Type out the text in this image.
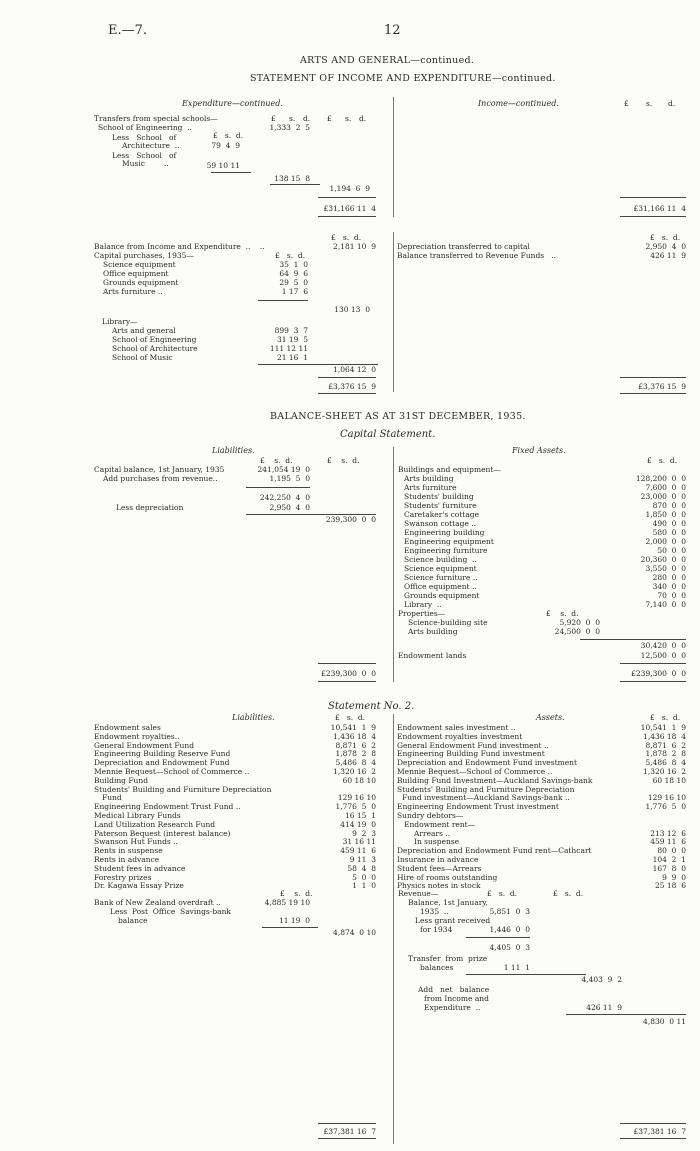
E.—7.	12
ARTS AND GENERAL—continued.
STATEMENT OF INCOME AND EXPENDITURE—continued.
Expenditure—continued.	Income—continued.	£ s. d.
Transfers from special schools—	£ s. d. £ s. d.
School of Engineering  ..	1,333  2  5
£   s.  d.
Less   School   of
Architecture  ..	79  4  9
Less   School   of
Music        ..	59 10 11
138 15  8
1,194  6  9
£31,166 11  4	£31,166 11  4
£   s.  d.	£   s.  d.
Balance from Income and Expenditure  ..    ..	2,181 10  9
Capital purchases, 1935—
Depreciation transferred to capital	2,950  4  0
Balance transferred to Revenue Funds   ..	426 11  9
£   s.  d.
Science equipment	35  1  0
Office equipment	64  9  6
Grounds equipment	29  5  0
Arts furniture ..	1 17  6
130 13  0
Library—
Arts and general	899  3  7
School of Engineering	31 19  5
School of Architecture	111 12 11
School of Music	21 16  1
1,064 12  0
£3,376 15  9	£3,376 15  9
BALANCE-SHEET AS AT 31ST DECEMBER, 1935.
Capital Statement.
Liabilities.	Fixed Assets.
£    s.  d.	£    s.  d.	£   s.  d.
Capital balance, 1st January, 1935	241,054 19  0
Add purchases from revenue..	1,195  5  0
242,250  4  0
Less depreciation	2,950  4  0
239,300  0  0
Buildings and equipment—
Arts building	128,200  0  0
Arts furniture	7,600  0  0
Students' building	23,000  0  0
Students' furniture	870  0  0
Caretaker's cottage	1,850  0  0
Swanson cottage ..	490  0  0
Engineering building	580  0  0
Engineering equipment	2,000  0  0
Engineering furniture	50  0  0
Science building  ..	20,360  0  0
Science equipment	3,550  0  0
Science furniture ..	280  0  0
Office equipment ..	340  0  0
Grounds equipment	70  0  0
Library  ..	7,140  0  0
Properties—	£    s.  d.
Science-building site	5,920  0  0
Arts building	24,500  0  0
30,420  0  0
Endowment lands	12,500  0  0
£239,300  0  0	£239,300  0  0
Statement No. 2.
Liabilities.	Assets.
£   s.  d.	£   s.  d.
Endowment sales	10,541  1  9
Endowment royalties..	1,436 18  4
General Endowment Fund	8,871  6  2
Engineering Building Reserve Fund	1,878  2  8
Depreciation and Endowment Fund	5,486  8  4
Mennie Bequest—School of Commerce ..	1,320 16  2
Building Fund	60 18 10
Students' Building and Furniture Depreciation
Fund	129 16 10
Engineering Endowment Trust Fund ..	1,776  5  0
Medical Library Funds	16 15  1
Land Utilization Research Fund	414 19  0
Paterson Bequest (interest balance)	9  2  3
Swanson Hut Funds ..	31 16 11
Rents in suspense	459 11  6
Rents in advance	9 11  3
Student fees in advance	58  4  8
Forestry prizes	5  0  0
Dr. Kagawa Essay Prize	1  1  0
Endowment sales investment ..	10,541  1  9
Endowment royalties investment	1,436 18  4
General Endowment Fund investment ..	8,871  6  2
Engineering Building Fund investment	1,878  2  8
Depreciation and Endowment Fund investment	5,486  8  4
Mennie Bequest—School of Commerce ..	1,320 16  2
Building Fund Investment—Auckland Savings-bank	60 18 10
Students' Building and Furniture Depreciation
Fund investment—Auckland Savings-bank ..	129 16 10
Engineering Endowment Trust investment	1,776  5  0
Sundry debtors—
Endowment rent—
Arrears ..	213 12  6
In suspense	459 11  6
Depreciation and Endowment Fund rent—Cathcart	80  0  0
Insurance in advance	104  2  1
Student fees—Arrears	167  8  0
Hire of rooms outstanding	9  9  0
Physics notes in stock	25 18  6
£    s.  d.
Bank of New Zealand overdraft ..	4,885 19 10
Less  Post  Office  Savings-bank
balance	11 19  0
4,874  0 10
Revenue—	£   s.  d.	£   s.  d.
Balance, 1st January,
1935  ..	5,851  0  3
Less grant received
for 1934	1,446  0  0
4,405  0  3
Transfer  from  prize
balances	1 11  1
4,403  9  2
Add   net   balance
from Income and
Expenditure  ..	426 11  9
4,830  0 11
£37,381 16  7	£37,381 16  7
